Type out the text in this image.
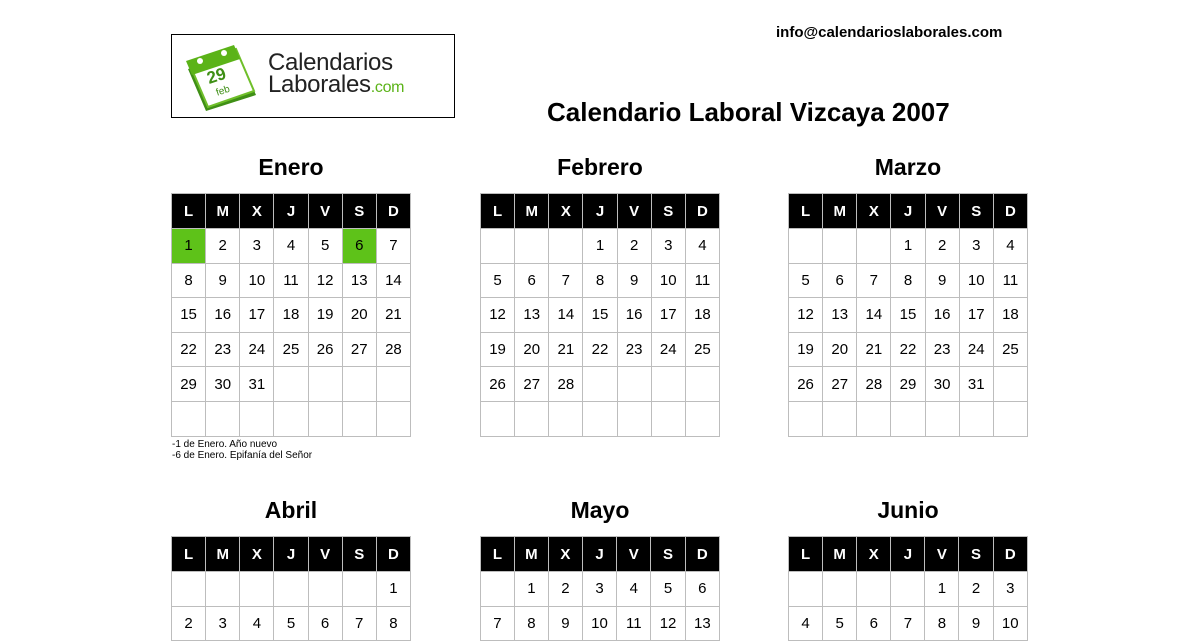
29
feb
Calendarios
Laborales.com
info@calendarioslaborales.com
Calendario Laboral Vizcaya 2007
Enero
L	M	X	J	V	S	D
1	2	3	4	5	6	7
8	9	10	11	12	13	14
15	16	17	18	19	20	21
22	23	24	25	26	27	28
29	30	31				

Febrero
L	M	X	J	V	S	D
			1	2	3	4
5	6	7	8	9	10	11
12	13	14	15	16	17	18
19	20	21	22	23	24	25
26	27	28				

Marzo
L	M	X	J	V	S	D
			1	2	3	4
5	6	7	8	9	10	11
12	13	14	15	16	17	18
19	20	21	22	23	24	25
26	27	28	29	30	31	

Abril
L	M	X	J	V	S	D
						1
2	3	4	5	6	7	8
Mayo
L	M	X	J	V	S	D
	1	2	3	4	5	6
7	8	9	10	11	12	13
Junio
L	M	X	J	V	S	D
				1	2	3
4	5	6	7	8	9	10
-1 de Enero. Año nuevo
-6 de Enero. Epifanía del Señor
